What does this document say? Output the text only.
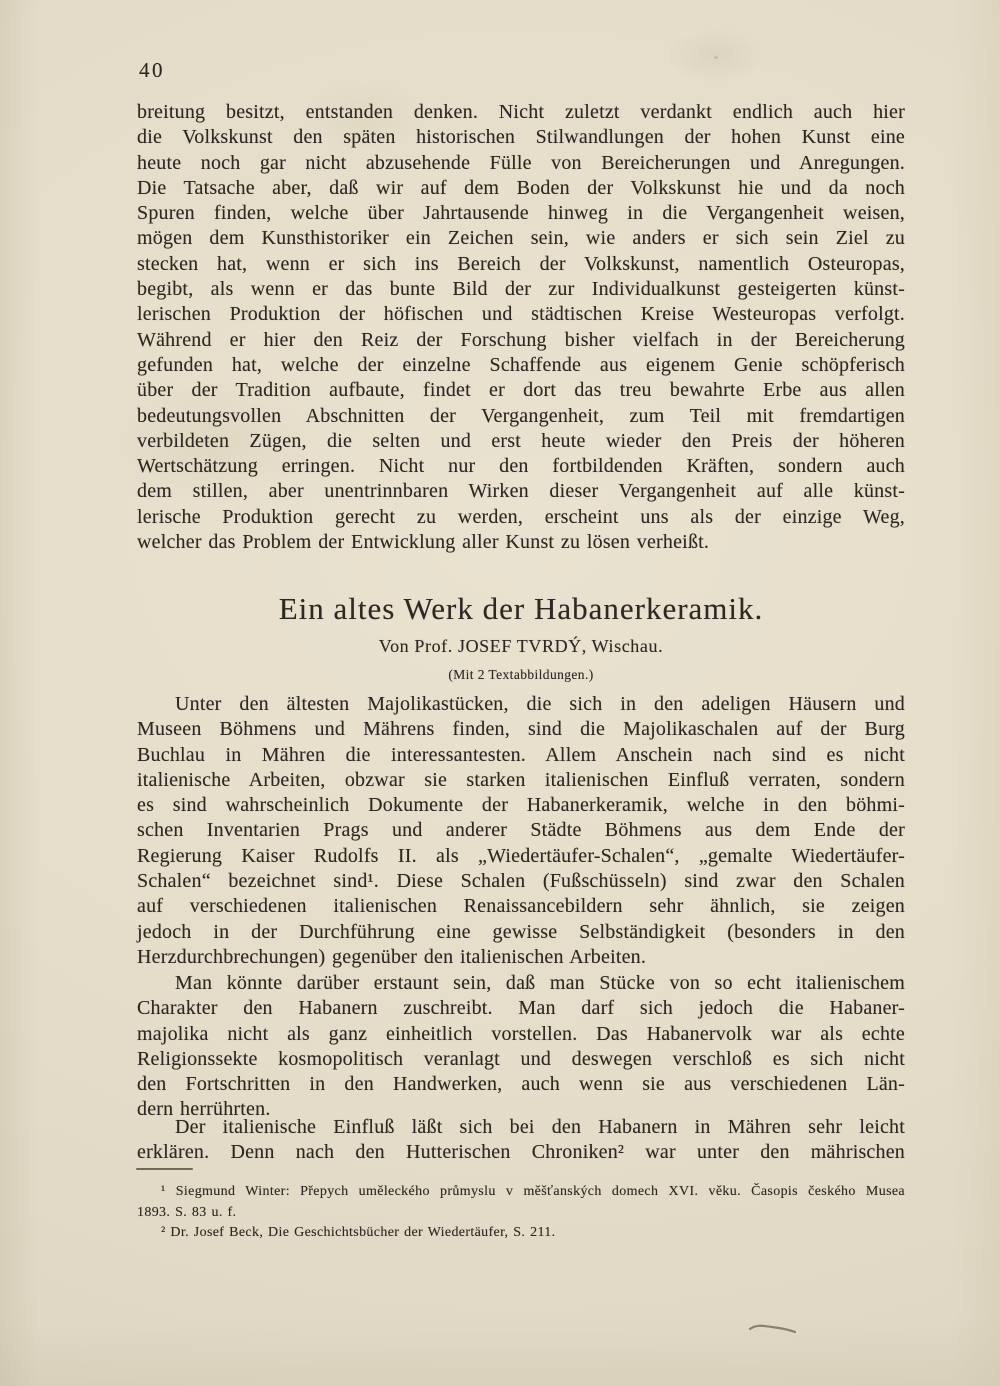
40
breitung besitzt, entstanden denken. Nicht zuletzt verdankt endlich auch hier
die Volkskunst den späten historischen Stilwandlungen der hohen Kunst eine
heute noch gar nicht abzusehende Fülle von Bereicherungen und Anregungen.
Die Tatsache aber, daß wir auf dem Boden der Volkskunst hie und da noch
Spuren finden, welche über Jahrtausende hinweg in die Vergangenheit weisen,
mögen dem Kunsthistoriker ein Zeichen sein, wie anders er sich sein Ziel zu
stecken hat, wenn er sich ins Bereich der Volkskunst, namentlich Osteuropas,
begibt, als wenn er das bunte Bild der zur Individualkunst gesteigerten künst-
lerischen Produktion der höfischen und städtischen Kreise Westeuropas verfolgt.
Während er hier den Reiz der Forschung bisher vielfach in der Bereicherung
gefunden hat, welche der einzelne Schaffende aus eigenem Genie schöpferisch
über der Tradition aufbaute, findet er dort das treu bewahrte Erbe aus allen
bedeutungsvollen Abschnitten der Vergangenheit, zum Teil mit fremdartigen
verbildeten Zügen, die selten und erst heute wieder den Preis der höheren
Wertschätzung erringen. Nicht nur den fortbildenden Kräften, sondern auch
dem stillen, aber unentrinnbaren Wirken dieser Vergangenheit auf alle künst-
lerische Produktion gerecht zu werden, erscheint uns als der einzige Weg,
welcher das Problem der Entwicklung aller Kunst zu lösen verheißt.
Ein altes Werk der Habanerkeramik.
Von Prof. JOSEF TVRDÝ, Wischau.
(Mit 2 Textabbildungen.)
Unter den ältesten Majolikastücken, die sich in den adeligen Häusern und
Museen Böhmens und Mährens finden, sind die Majolikaschalen auf der Burg
Buchlau in Mähren die interessantesten. Allem Anschein nach sind es nicht
italienische Arbeiten, obzwar sie starken italienischen Einfluß verraten, sondern
es sind wahrscheinlich Dokumente der Habanerkeramik, welche in den böhmi-
schen Inventarien Prags und anderer Städte Böhmens aus dem Ende der
Regierung Kaiser Rudolfs II. als „Wiedertäufer-Schalen“, „gemalte Wiedertäufer-
Schalen“ bezeichnet sind¹. Diese Schalen (Fußschüsseln) sind zwar den Schalen
auf verschiedenen italienischen Renaissancebildern sehr ähnlich, sie zeigen
jedoch in der Durchführung eine gewisse Selbständigkeit (besonders in den
Herzdurchbrechungen) gegenüber den italienischen Arbeiten.
Man könnte darüber erstaunt sein, daß man Stücke von so echt italienischem
Charakter den Habanern zuschreibt. Man darf sich jedoch die Habaner-
majolika nicht als ganz einheitlich vorstellen. Das Habanervolk war als echte
Religionssekte kosmopolitisch veranlagt und deswegen verschloß es sich nicht
den Fortschritten in den Handwerken, auch wenn sie aus verschiedenen Län-
dern herrührten.
Der italienische Einfluß läßt sich bei den Habanern in Mähren sehr leicht
erklären. Denn nach den Hutterischen Chroniken² war unter den mährischen
¹ Siegmund Winter: Přepych uměleckého průmyslu v měšťanských domech XVI. věku. Časopis českého Musea
1893. S. 83 u. f.
² Dr. Josef Beck, Die Geschichtsbücher der Wiedertäufer, S. 211.
